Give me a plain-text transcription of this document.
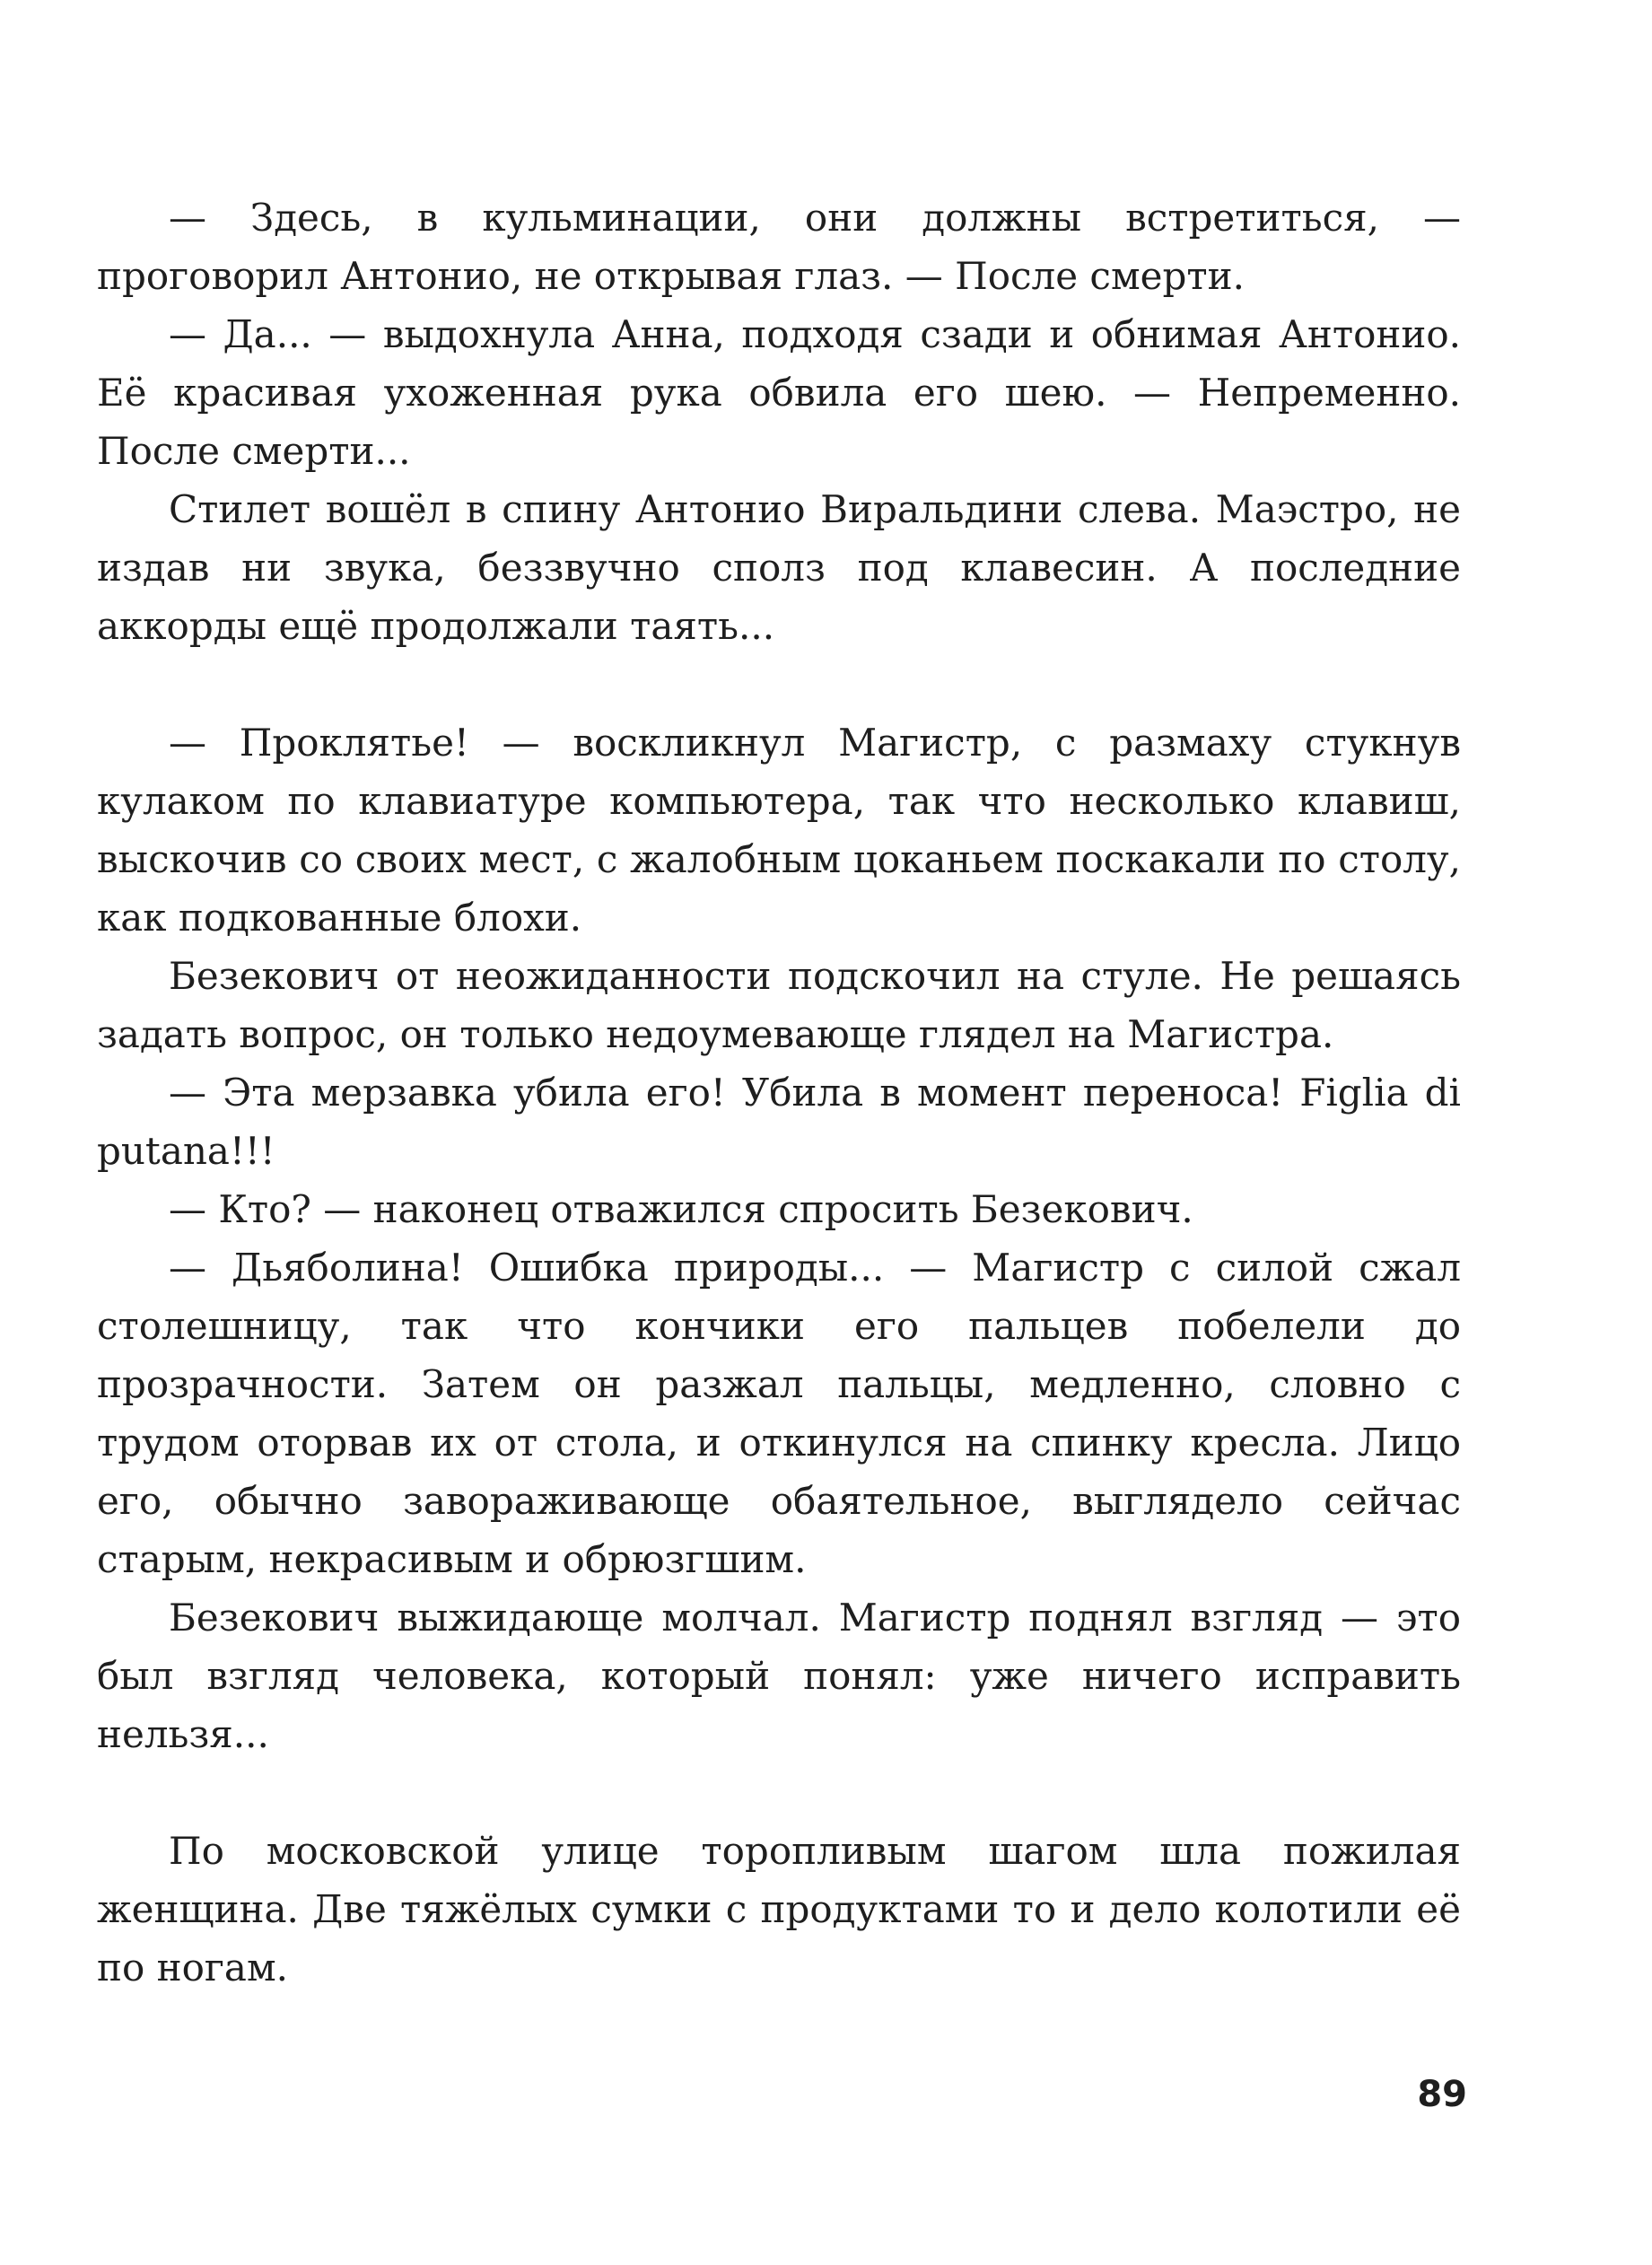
— Здесь, в кульминации, они должны встретиться, — проговорил Антонио, не открывая глаз. — После смерти.

— Да... — выдохнула Анна, подходя сзади и обнимая Антонио. Её красивая ухоженная рука обвила его шею. — Непременно. После смерти...

Стилет вошёл в спину Антонио Виральдини слева. Маэстро, не издав ни звука, беззвучно сполз под клавесин. А последние аккорды ещё продолжали таять...

— Проклятье! — воскликнул Магистр, с размаху стукнув кулаком по клавиатуре компьютера, так что несколько клавиш, выскочив со своих мест, с жалобным цоканьем поскакали по столу, как подкованные блохи.

Безекович от неожиданности подскочил на стуле. Не решаясь задать вопрос, он только недоумевающе глядел на Магистра.

— Эта мерзавка убила его! Убила в момент переноса! Figlia di putana!!!

— Кто? — наконец отважился спросить Безекович.

— Дьяболина! Ошибка природы... — Магистр с силой сжал столешницу, так что кончики его пальцев побелели до прозрачности. Затем он разжал пальцы, медленно, словно с трудом оторвав их от стола, и откинулся на спинку кресла. Лицо его, обычно завораживающе обаятельное, выглядело сейчас старым, некрасивым и обрюзгшим.

Безекович выжидающе молчал. Магистр поднял взгляд — это был взгляд человека, который понял: уже ничего исправить нельзя...

По московской улице торопливым шагом шла пожилая женщина. Две тяжёлых сумки с продуктами то и дело колотили её по ногам.

89
